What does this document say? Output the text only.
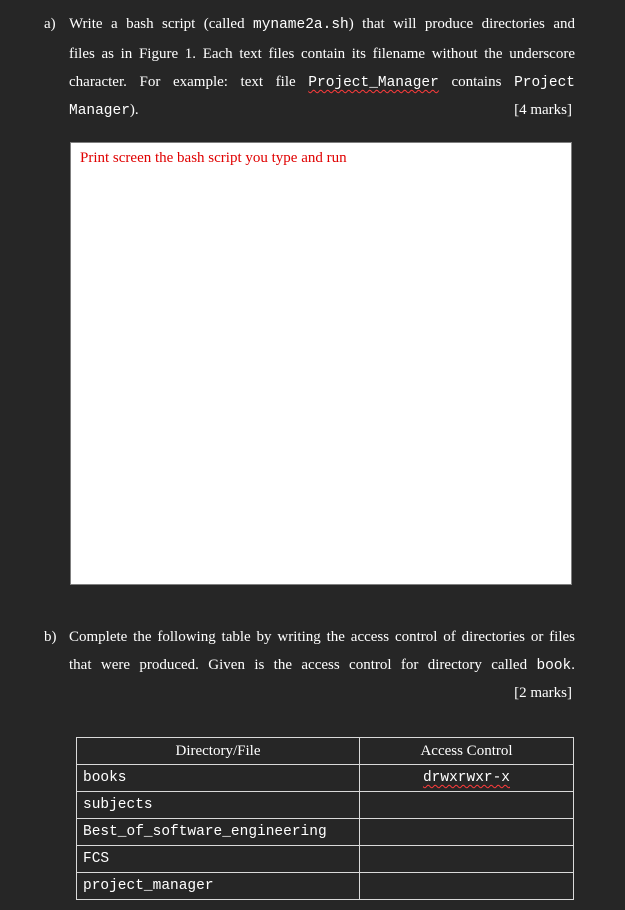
a) Write a bash script (called myname2a.sh) that will produce directories and
files as in Figure 1. Each text files contain its filename without the underscore
character. For example: text file Project_Manager contains Project
Manager).	[4 marks]
Print screen the bash script you type and run
b) Complete the following table by writing the access control of directories or files
that were produced. Given is the access control for directory called book.
[2 marks]
Directory/File	Access Control
books	drwxrwxr-x
subjects	
Best_of_software_engineering	
FCS	
project_manager	
